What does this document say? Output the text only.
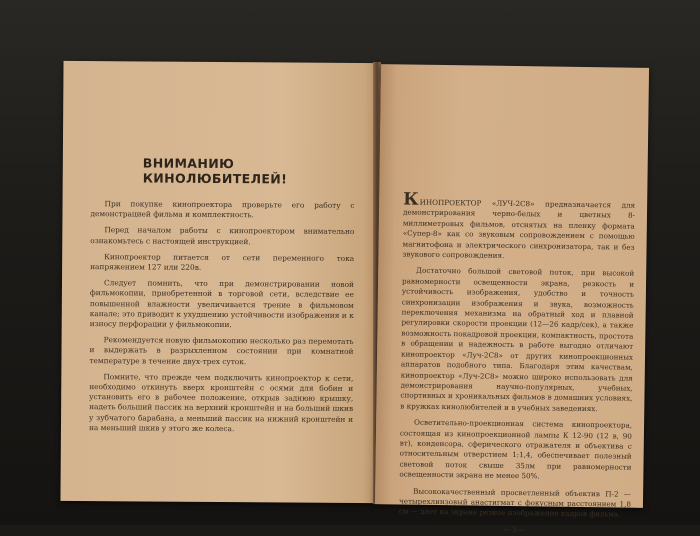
ВНИМАНИЮ КИНОЛЮБИТЕЛЕЙ!

При покупке кинопроектора проверьте его работу с демонстрацией фильма и комплектность.

Перед началом работы с кинопроектором внимательно ознакомьтесь с настоящей инструкцией.

Кинопроектор питается от сети переменного тока напряжением 127 или 220в.

Следует помнить, что при демонстрировании новой фильмокопии, приобретенной в торговой сети, вследствие ее повышенной влажности увеличивается трение в фильмовом канале; это приводит к ухудшению устойчивости изображения и к износу перфорации у фильмокопии.

Рекомендуется новую фильмокопию несколько раз перемотать и выдержать в разрыхленном состоянии при комнатной температуре в течение двух-трех суток.

Помните, что прежде чем подключить кинопроектор к сети, необходимо откинуть вверх кронштейн с осями для бобин и установить его в рабочее положение, открыв заднюю крышку, надеть больший пассик на верхний кронштейн и на больший шкив у зубчатого барабана, а меньший пассик на нижний кронштейн и на меньший шкив у этого же колеса.

КИНОПРОЕКТОР «ЛУЧ-2С8» предназначается для демонстрирования черно-белых и цветных 8-миллиметровых фильмов, отснятых на пленку формата «Супер-8» как со звуковым сопровождением с помощью магнитофона и электрического синхронизатора, так и без звукового сопровождения.

Достаточно большой световой поток, при высокой равномерности освещенности экрана, резкость и устойчивость изображения, удобство и точность синхронизации изображения и звука, возможность переключения механизма на обратный ход и плавной регулировки скорости проекции (12—26 кадр/сек), а также возможность покадровой проекции, компактность, простота в обращении и надежность в работе выгодно отличают кинопроектор «Луч-2С8» от других кинопроекционных аппаратов подобного типа. Благодаря этим качествам, кинопроектор «Луч-2С8» можно широко использовать для демонстрирования научно-популярных, учебных, спортивных и хроникальных фильмов в домашних условиях, в кружках кинолюбителей и в учебных заведениях.

Осветительно-проекционная система кинопроектора, состоящая из кинопроекционной лампы К 12-90 (12 в, 90 вт), конденсора, сферического отражателя и объектива с относительным отверстием 1:1,4, обеспечивает полезный световой поток свыше 35лм при равномерности освещенности экрана не менее 50%.

Высококачественный просветленный объектив П-2 — четырехлинзовый анастигмат с фокусным расстоянием 1,8 см — дает на экране резкое изображение кадров фильма.

—3—
